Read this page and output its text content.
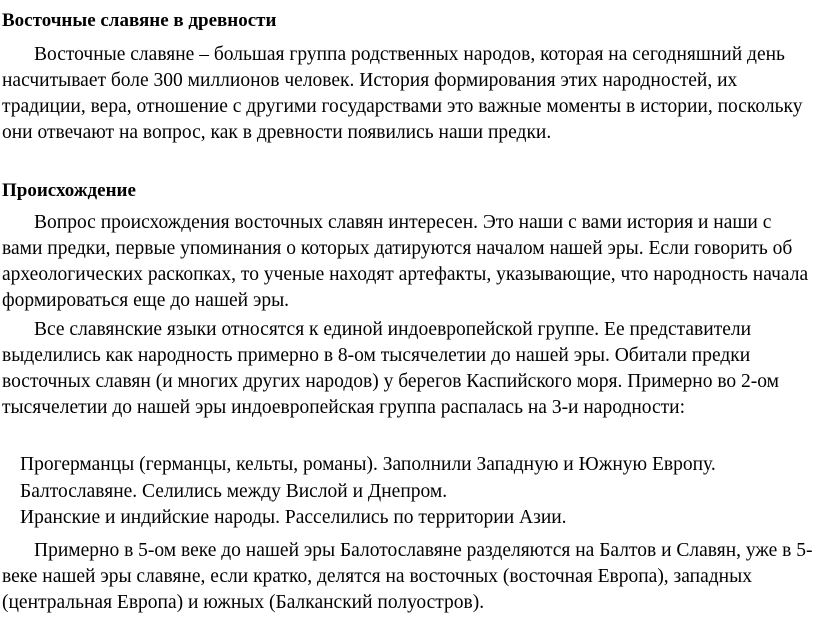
Восточные славяне в древности

Восточные славяне – большая группа родственных народов, которая на сегодняшний день насчитывает боле 300 миллионов человек. История формирования этих народностей, их традиции, вера, отношение с другими государствами это важные моменты в истории, поскольку они отвечают на вопрос, как в древности появились наши предки.

Происхождение

Вопрос происхождения восточных славян интересен. Это наши с вами история и наши с вами предки, первые упоминания о которых датируются началом нашей эры. Если говорить об археологических раскопках, то ученые находят артефакты, указывающие, что народность начала формироваться еще до нашей эры.

Все славянские языки относятся к единой индоевропейской группе. Ее представители выделились как народность примерно в 8-ом тысячелетии до нашей эры. Обитали предки восточных славян (и многих других народов) у берегов Каспийского моря. Примерно во 2-ом тысячелетии до нашей эры индоевропейская группа распалась на 3-и народности:

Прогерманцы (германцы, кельты, романы). Заполнили Западную и Южную Европу.
Балтославяне. Селились между Вислой и Днепром.
Иранские и индийские народы. Расселились по территории Азии.

Примерно в 5-ом веке до нашей эры Балотославяне разделяются на Балтов и Славян, уже в 5- веке нашей эры славяне, если кратко, делятся на восточных (восточная Европа), западных (центральная Европа) и южных (Балканский полуостров).
